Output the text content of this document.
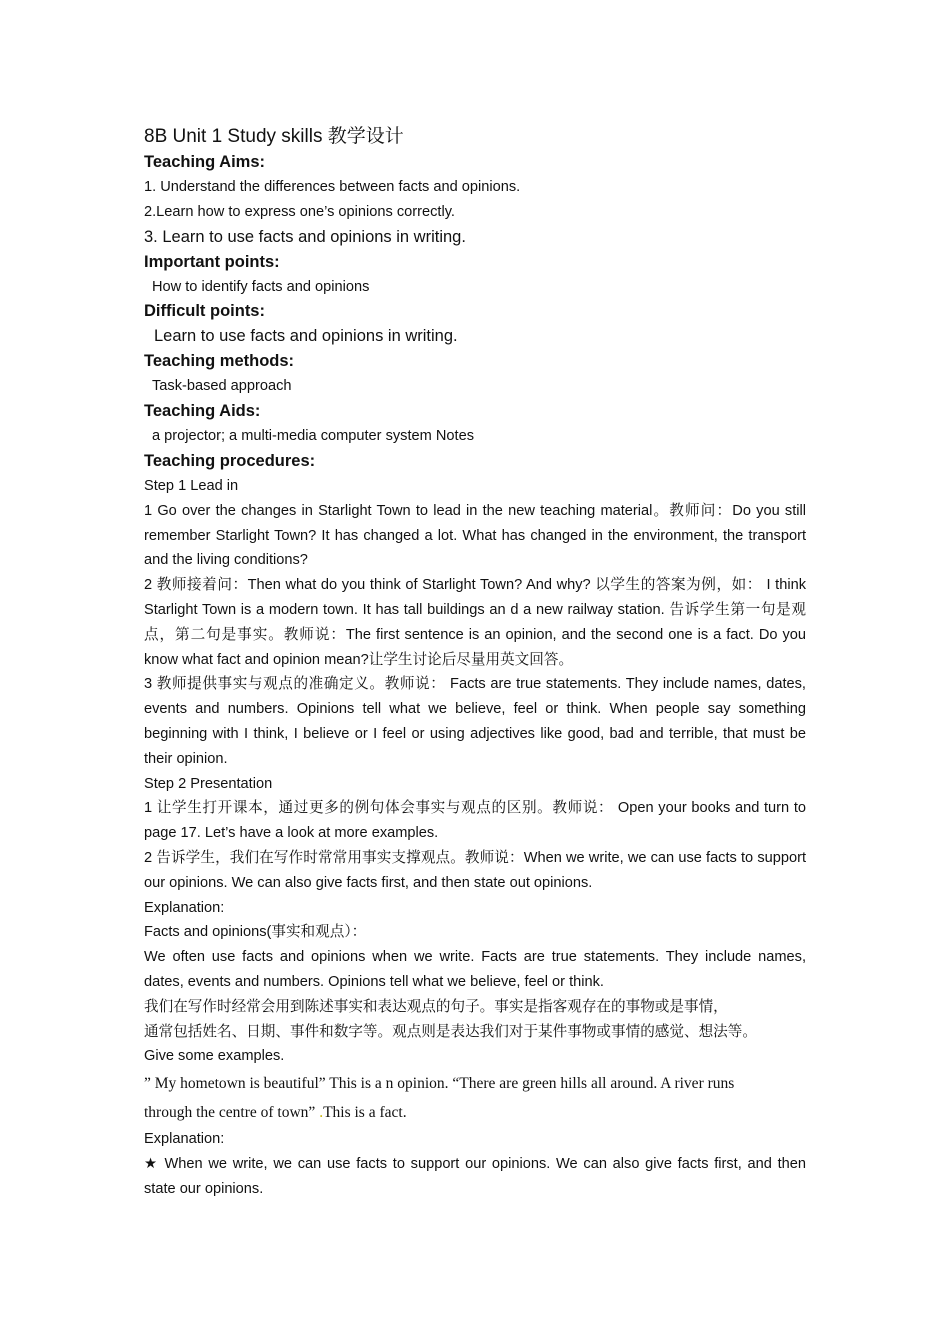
8B Unit 1 Study skills 教学设计

Teaching Aims:

1. Understand the differences between facts and opinions.

2.Learn how to express one’s opinions correctly.

3. Learn to use facts and opinions in writing.

Important points:

How to identify facts and opinions

Difficult points:

Learn to use facts and opinions in writing.

Teaching methods:

Task-based approach

Teaching Aids:

a projector; a multi-media computer system Notes

Teaching procedures:

Step 1 Lead in

1 Go over the changes in Starlight Town to lead in the new teaching material。教师问：Do you still remember Starlight Town? It has changed a lot. What has changed in the environment, the transport and the living conditions?

2 教师接着问：Then what do you think of Starlight Town? And why? 以学生的答案为例，如： I think Starlight Town is a modern town. It has tall buildings an d a new railway station. 告诉学生第一句是观点，第二句是事实。教师说：The first sentence is an opinion, and the second one is a fact. Do you know what fact and opinion mean?让学生讨论后尽量用英文回答。

3 教师提供事实与观点的准确定义。教师说： Facts are true statements. They include names, dates, events and numbers. Opinions tell what we believe, feel or think. When people say something beginning with I think, I believe or I feel or using adjectives like good, bad and terrible, that must be their opinion.

Step 2 Presentation

1 让学生打开课本，通过更多的例句体会事实与观点的区别。教师说： Open your books and turn to page 17. Let’s have a look at more examples.

2 告诉学生，我们在写作时常常用事实支撑观点。教师说：When we write, we can use facts to support our opinions. We can also give facts first, and then state out opinions.

Explanation:

Facts and opinions(事实和观点）：

We often use facts and opinions when we write. Facts are true statements. They include names, dates, events and numbers. Opinions tell what we believe, feel or think.

我们在写作时经常会用到陈述事实和表达观点的句子。事实是指客观存在的事物或是事情，

通常包括姓名、日期、事件和数字等。观点则是表达我们对于某件事物或事情的感觉、想法等。

Give some examples.

” My hometown is beautiful” This is a n opinion. “There are green hills all around. A river runs

through the centre of town” .This is a fact.

Explanation:

★ When we write, we can use facts to support our opinions. We can also give facts first, and then state our opinions.
